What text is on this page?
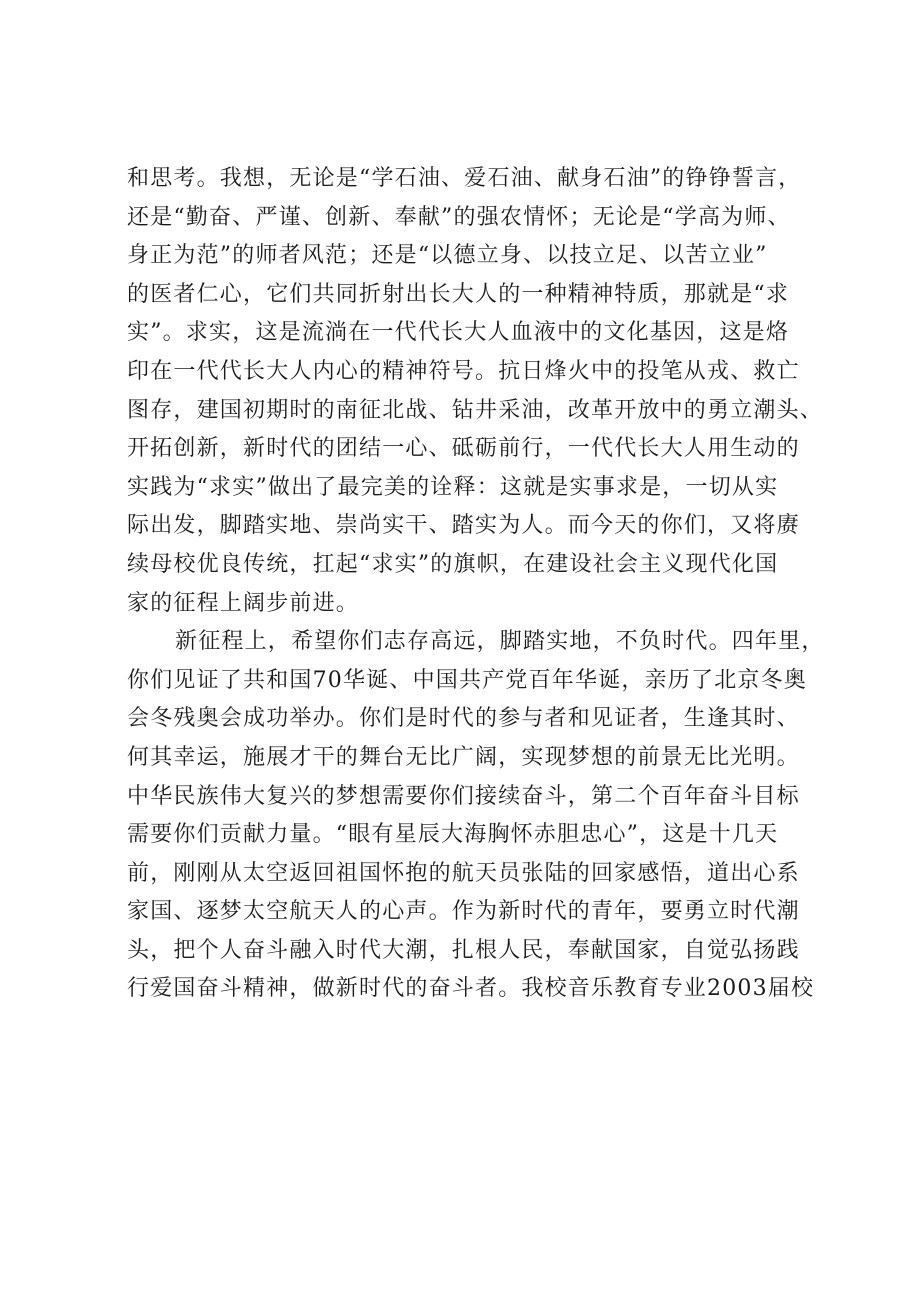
和思考。我想，无论是“学石油、爱石油、献身石油”的铮铮誓言，
还是“勤奋、严谨、创新、奉献”的强农情怀；无论是“学高为师、
身正为范”的师者风范；还是“以德立身、以技立足、以苦立业”
的医者仁心，它们共同折射出长大人的一种精神特质，那就是“求
实”。求实，这是流淌在一代代长大人血液中的文化基因，这是烙
印在一代代长大人内心的精神符号。抗日烽火中的投笔从戎、救亡
图存，建国初期时的南征北战、钻井采油，改革开放中的勇立潮头、
开拓创新，新时代的团结一心、砥砺前行，一代代长大人用生动的
实践为“求实”做出了最完美的诠释：这就是实事求是，一切从实
际出发，脚踏实地、崇尚实干、踏实为人。而今天的你们，又将赓
续母校优良传统，扛起“求实”的旗帜，在建设社会主义现代化国
家的征程上阔步前进。
新征程上，希望你们志存高远，脚踏实地，不负时代。四年里，
你们见证了共和国70华诞、中国共产党百年华诞，亲历了北京冬奥
会冬残奥会成功举办。你们是时代的参与者和见证者，生逢其时、
何其幸运，施展才干的舞台无比广阔，实现梦想的前景无比光明。
中华民族伟大复兴的梦想需要你们接续奋斗，第二个百年奋斗目标
需要你们贡献力量。“眼有星辰大海胸怀赤胆忠心”，这是十几天
前，刚刚从太空返回祖国怀抱的航天员张陆的回家感悟，道出心系
家国、逐梦太空航天人的心声。作为新时代的青年，要勇立时代潮
头，把个人奋斗融入时代大潮，扎根人民，奉献国家，自觉弘扬践
行爱国奋斗精神，做新时代的奋斗者。我校音乐教育专业2003届校
